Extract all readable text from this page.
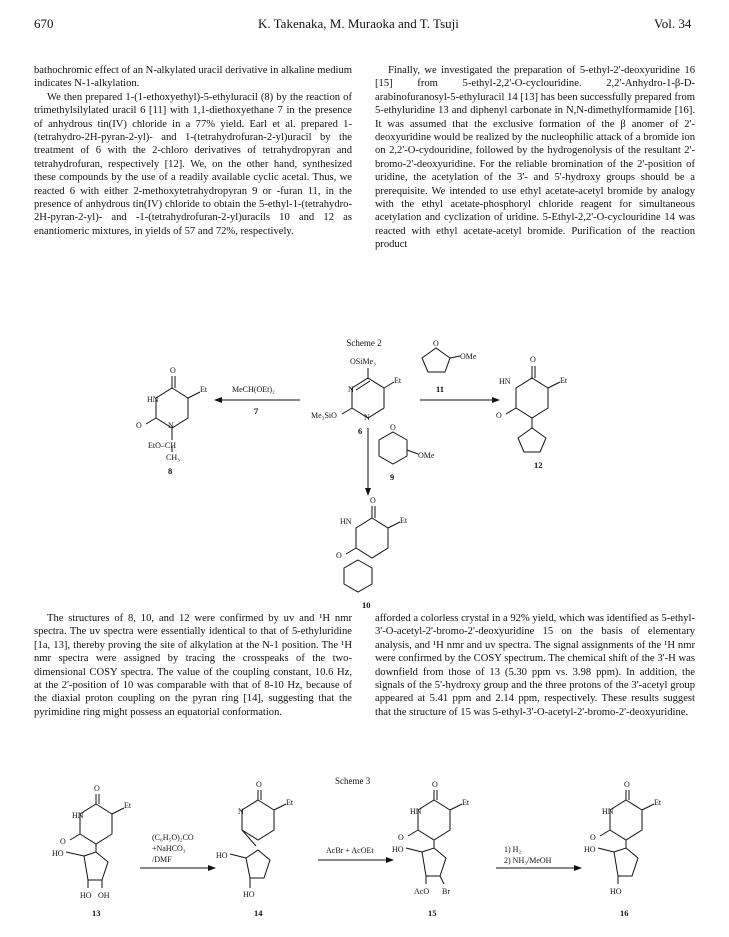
670	K. Takenaka, M. Muraoka and T. Tsuji	Vol. 34

bathochromic effect of an N-alkylated uracil derivative in alkaline medium indicates N-1-alkylation.

We then prepared 1-(1-ethoxyethyl)-5-ethyluracil (8) by the reaction of trimethylsilylated uracil 6 [11] with 1,1-diethoxyethane 7 in the presence of anhydrous tin(IV) chloride in a 77% yield. Earl et al. prepared 1-(tetrahydro-2H-pyran-2-yl)- and 1-(tetrahydrofuran-2-yl)uracil by the treatment of 6 with the 2-chloro derivatives of tetrahydropyran and tetrahydrofuran, respectively [12]. We, on the other hand, synthesized these compounds by the use of a readily available cyclic acetal. Thus, we reacted 6 with either 2-methoxytetrahydropyran 9 or -furan 11, in the presence of anhydrous tin(IV) chloride to obtain the 5-ethyl-1-(tetrahydro-2H-pyran-2-yl)- and -1-(tetrahydrofuran-2-yl)uracils 10 and 12 as enantiomeric mixtures, in yields of 57 and 72%, respectively.

Finally, we investigated the preparation of 5-ethyl-2'-deoxyuridine 16 [15] from 5-ethyl-2,2'-O-cyclouridine. 2,2'-Anhydro-1-β-D-arabinofuranosyl-5-ethyluracil 14 [13] has been successfully prepared from 5-ethyluridine 13 and diphenyl carbonate in N,N-dimethylformamide [16]. It was assumed that the exclusive formation of the β anomer of 2'-deoxyuridine would be realized by the nucleophilic attack of a bromide ion on 2,2'-O-cydouridine, followed by the hydrogenolysis of the resultant 2'-bromo-2'-deoxyuridine. For the reliable bromination of the 2'-position of uridine, the acetylation of the 3'- and 5'-hydroxy groups should be a prerequisite. We intended to use ethyl acetate-acetyl bromide by analogy with the ethyl acetate-phosphoryl chloride reagent for simultaneous acetylation and cyclization of uridine. 5-Ethyl-2,2'-O-cyclouridine 14 was reacted with ethyl acetate-acetyl bromide. Purification of the reaction product

Scheme 2
O
HN
O
Et
N
EtO–CH
CH₃
OSiMe₃
Et
Me₃SiO
N
N
O
OMe	O
HN
O
Et
O
OMe
O
HN
O
Et
MeCH(OEt)₂
7
11
9
8
6
12
10
Scheme 3
O
HN
O
Et
HO
HO OH
O
N
Et
HO
HO
O
HN
O
Et
HO
AcO Br
O
HN
O
Et
HO
HO
(C₆H₅O)₂CO
+NaHCO₃
/DMF
AcBr + AcOEt	1) H₂
2) NH₃/MeOH
13	14	15	16

The structures of 8, 10, and 12 were confirmed by uv and ¹H nmr spectra. The uv spectra were essentially identical to that of 5-ethyluridine [1a, 13], thereby proving the site of alkylation at the N-1 position. The ¹H nmr spectra were assigned by tracing the crosspeaks of the two-dimensional COSY spectra. The value of the coupling constant, 10.6 Hz, at the 2'-position of 10 was comparable with that of 8-10 Hz, because of the diaxial proton coupling on the pyran ring [14], suggesting that the pyrimidine ring might possess an equatorial conformation.

afforded a colorless crystal in a 92% yield, which was identified as 5-ethyl-3'-O-acetyl-2'-bromo-2'-deoxyuridine 15 on the basis of elementary analysis, and ¹H nmr and uv spectra. The signal assignments of the ¹H nmr were confirmed by the COSY spectrum. The chemical shift of the 3'-H was downfield from those of 13 (5.30 ppm vs. 3.98 ppm). In addition, the signals of the 5'-hydroxy group and the three protons of the 3'-acetyl group appeared at 5.41 ppm and 2.14 ppm, respectively. These results suggest that the structure of 15 was 5-ethyl-3'-O-acetyl-2'-bromo-2'-deoxyuridine.
